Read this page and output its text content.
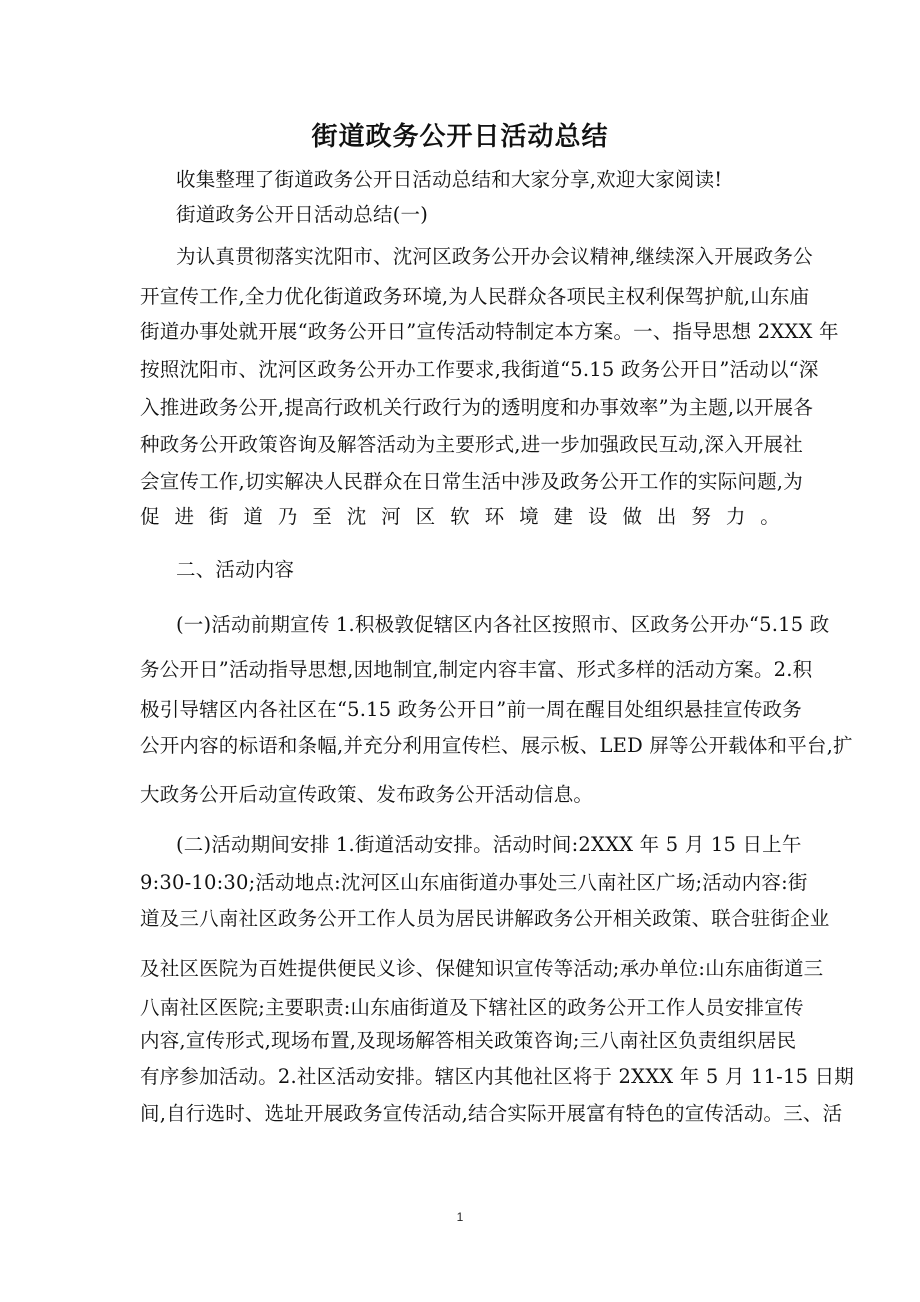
街道政务公开日活动总结
收集整理了街道政务公开日活动总结和大家分享,欢迎大家阅读!
街道政务公开日活动总结(一)
为认真贯彻落实沈阳市、沈河区政务公开办会议精神,继续深入开展政务公
开宣传工作,全力优化街道政务环境,为人民群众各项民主权利保驾护航,山东庙
街道办事处就开展“政务公开日”宣传活动特制定本方案。一、指导思想 2XXX 年
按照沈阳市、沈河区政务公开办工作要求,我街道“5.15 政务公开日”活动以“深
入推进政务公开,提高行政机关行政行为的透明度和办事效率”为主题,以开展各
种政务公开政策咨询及解答活动为主要形式,进一步加强政民互动,深入开展社
会宣传工作,切实解决人民群众在日常生活中涉及政务公开工作的实际问题,为
促进街道乃至沈河区软环境建设做出努力。
二、活动内容
(一)活动前期宣传 1.积极敦促辖区内各社区按照市、区政务公开办“5.15 政
务公开日”活动指导思想,因地制宜,制定内容丰富、形式多样的活动方案。2.积
极引导辖区内各社区在“5.15 政务公开日”前一周在醒目处组织悬挂宣传政务
公开内容的标语和条幅,并充分利用宣传栏、展示板、LED 屏等公开载体和平台,扩
大政务公开后动宣传政策、发布政务公开活动信息。
(二)活动期间安排 1.街道活动安排。活动时间:2XXX 年 5 月 15 日上午
9:30-10:30;活动地点:沈河区山东庙街道办事处三八南社区广场;活动内容:街
道及三八南社区政务公开工作人员为居民讲解政务公开相关政策、联合驻街企业
及社区医院为百姓提供便民义诊、保健知识宣传等活动;承办单位:山东庙街道三
八南社区医院;主要职责:山东庙街道及下辖社区的政务公开工作人员安排宣传
内容,宣传形式,现场布置,及现场解答相关政策咨询;三八南社区负责组织居民
有序参加活动。2.社区活动安排。辖区内其他社区将于 2XXX 年 5 月 11-15 日期
间,自行选时、选址开展政务宣传活动,结合实际开展富有特色的宣传活动。三、活
1
